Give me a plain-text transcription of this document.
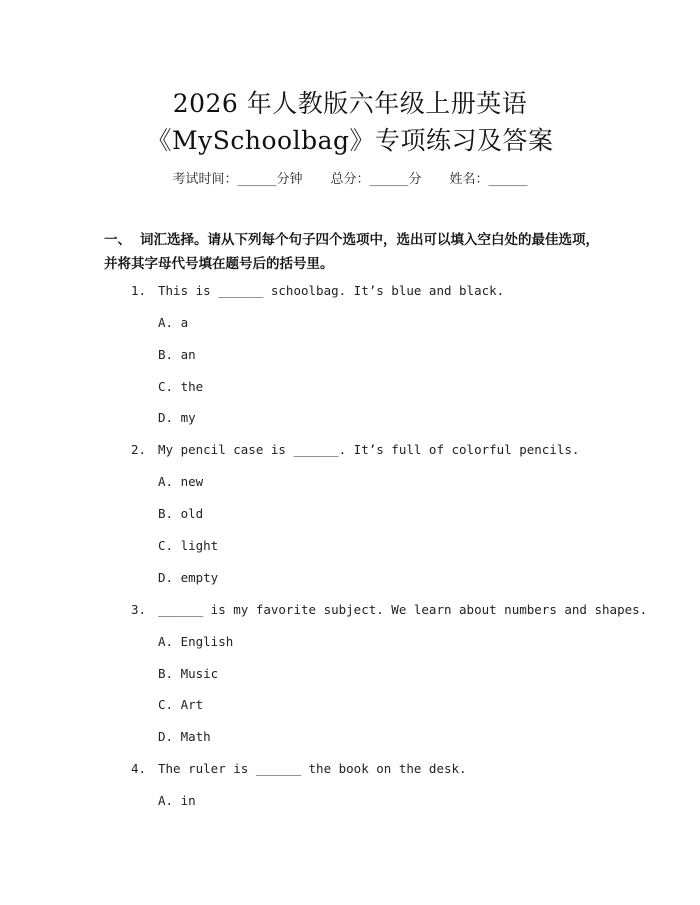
2026 年人教版六年级上册英语
《MySchoolbag》专项练习及答案
考试时间：______分钟 总分：______分 姓名：______
一、 词汇选择。请从下列每个句子四个选项中，选出可以填入空白处的最佳选项，并将其字母代号填在题号后的括号里。
1. This is ______ schoolbag. It’s blue and black.
A. a
B. an
C. the
D. my
2. My pencil case is ______. It’s full of colorful pencils.
A. new
B. old
C. light
D. empty
3. ______ is my favorite subject. We learn about numbers and shapes.
A. English
B. Music
C. Art
D. Math
4. The ruler is ______ the book on the desk.
A. in
